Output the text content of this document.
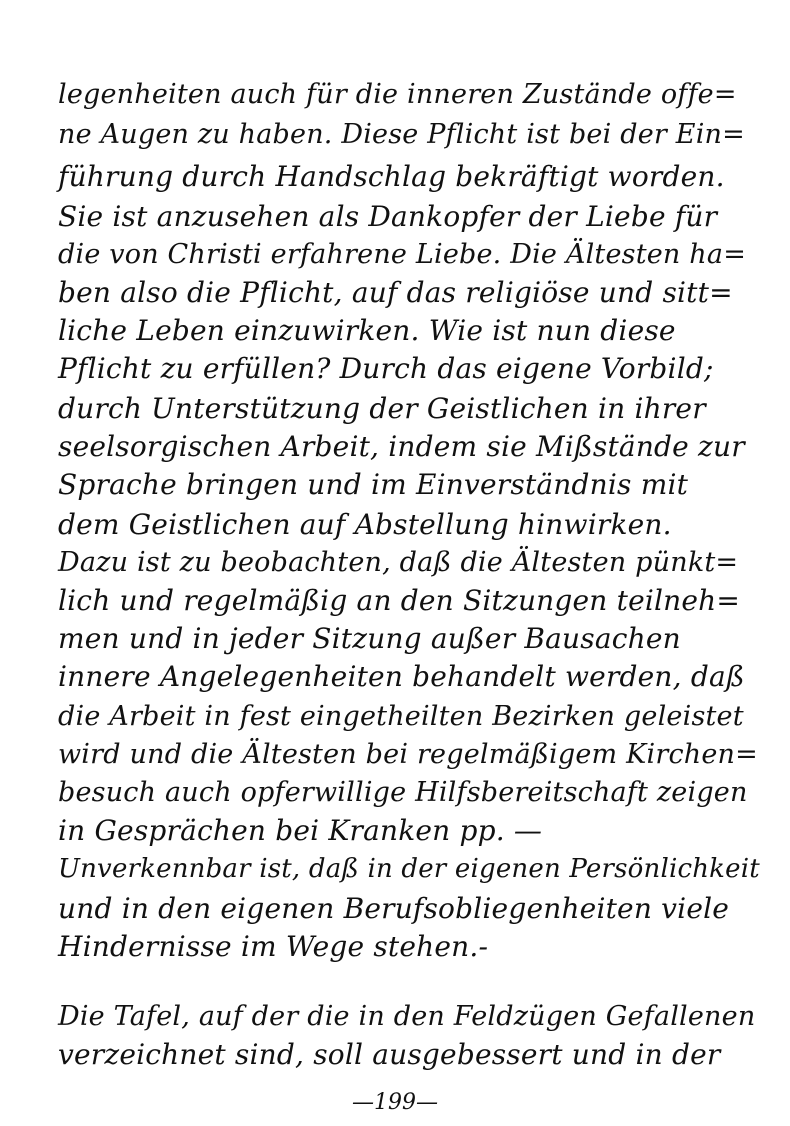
legenheiten auch für die inneren Zustände offe=
ne Augen zu haben. Diese Pflicht ist bei der Ein=
führung durch Handschlag bekräftigt worden.
Sie ist anzusehen als Dankopfer der Liebe für
die von Christi erfahrene Liebe. Die Ältesten ha=
ben also die Pflicht, auf das religiöse und sitt=
liche Leben einzuwirken. Wie ist nun diese
Pflicht zu erfüllen? Durch das eigene Vorbild;
durch Unterstützung der Geistlichen in ihrer
seelsorgischen Arbeit, indem sie Mißstände zur
Sprache bringen und im Einverständnis mit
dem Geistlichen auf Abstellung hinwirken.
Dazu ist zu beobachten, daß die Ältesten pünkt=
lich und regelmäßig an den Sitzungen teilneh=
men und in jeder Sitzung außer Bausachen
innere Angelegenheiten behandelt werden, daß
die Arbeit in fest eingetheilten Bezirken geleistet
wird und die Ältesten bei regelmäßigem Kirchen=
besuch auch opferwillige Hilfsbereitschaft zeigen
in Gesprächen bei Kranken pp. —
Unverkennbar ist, daß in der eigenen Persönlichkeit
und in den eigenen Berufsobliegenheiten viele
Hindernisse im Wege stehen.-
Die Tafel, auf der die in den Feldzügen Gefallenen
verzeichnet sind, soll ausgebessert und in der
—199—
